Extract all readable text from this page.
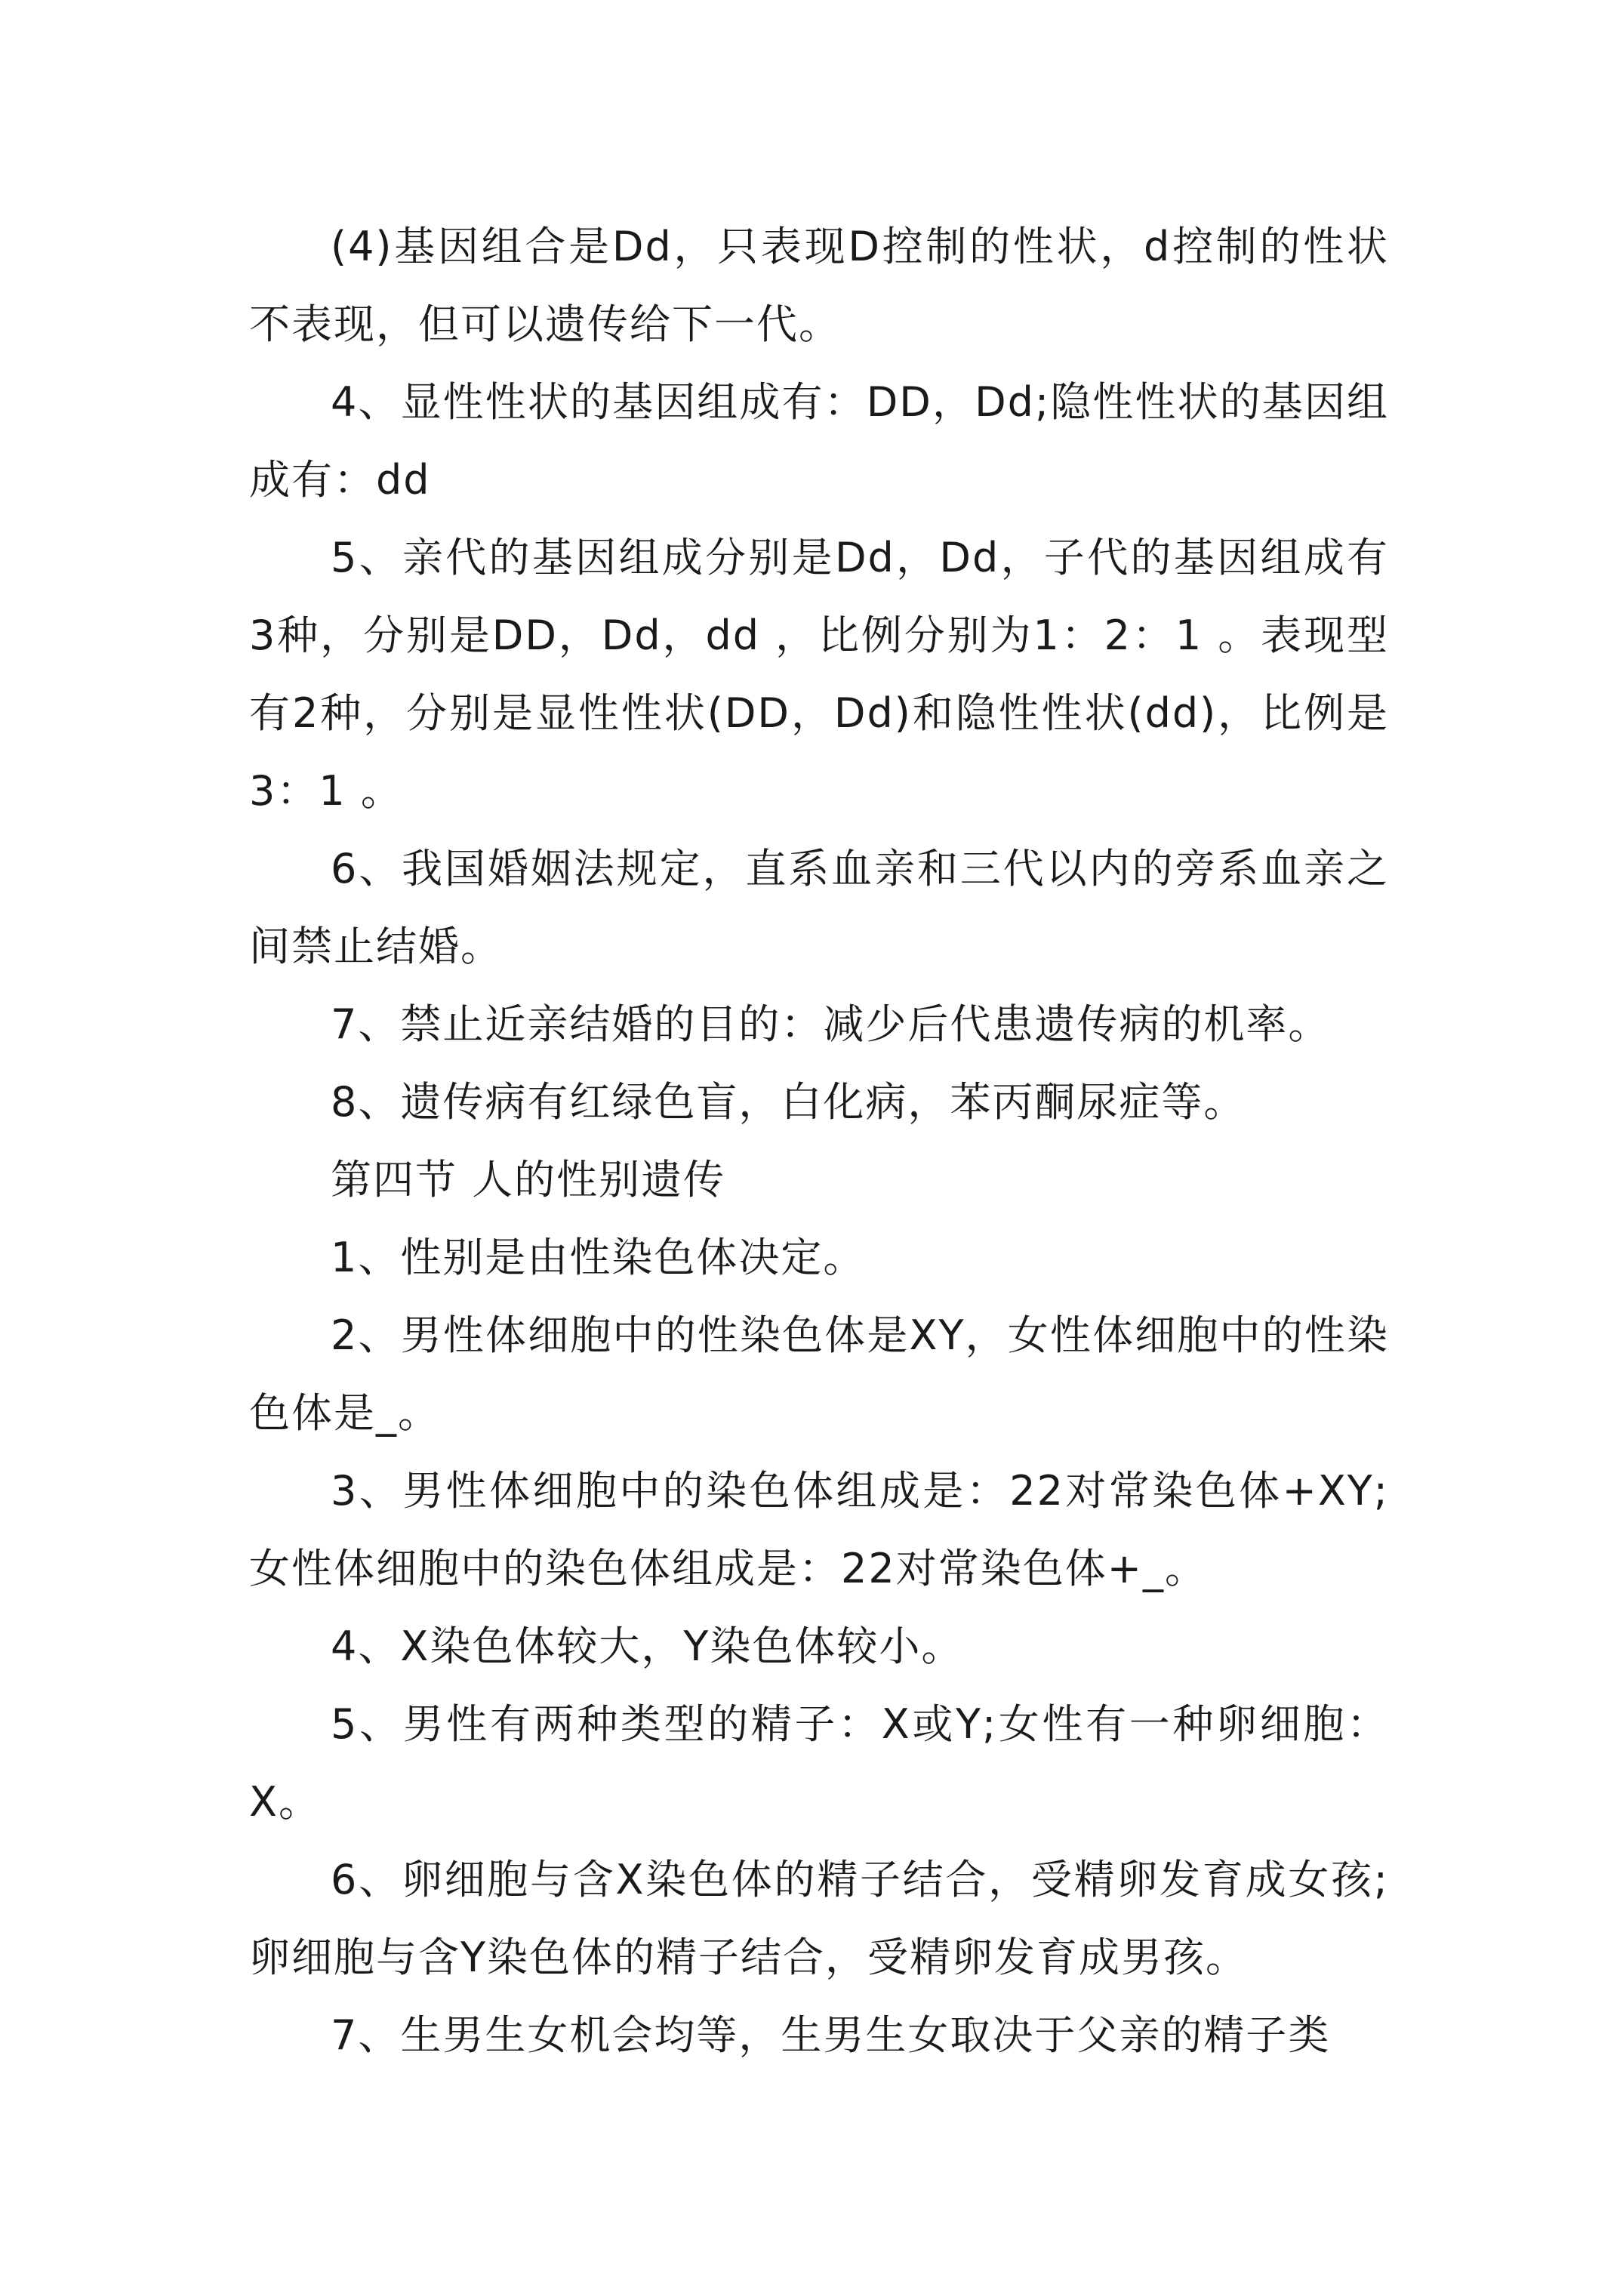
(4)基因组合是Dd，只表现D控制的性状，d控制的性状不表现，但可以遗传给下一代。

4、显性性状的基因组成有：DD，Dd;隐性性状的基因组成有：dd

5、亲代的基因组成分别是Dd，Dd，子代的基因组成有3种，分别是DD，Dd，dd ，比例分别为1：2：1 。表现型有2种，分别是显性性状(DD，Dd)和隐性性状(dd)，比例是3：1 。

6、我国婚姻法规定，直系血亲和三代以内的旁系血亲之间禁止结婚。

7、禁止近亲结婚的目的：减少后代患遗传病的机率。

8、遗传病有红绿色盲，白化病，苯丙酮尿症等。

第四节 人的性别遗传

1、性别是由性染色体决定。

2、男性体细胞中的性染色体是XY，女性体细胞中的性染色体是_。

3、男性体细胞中的染色体组成是：22对常染色体+XY;女性体细胞中的染色体组成是：22对常染色体+_。

4、X染色体较大，Y染色体较小。

5、男性有两种类型的精子：X或Y;女性有一种卵细胞：X。

6、卵细胞与含X染色体的精子结合，受精卵发育成女孩;卵细胞与含Y染色体的精子结合，受精卵发育成男孩。

7、生男生女机会均等，生男生女取决于父亲的精子类
